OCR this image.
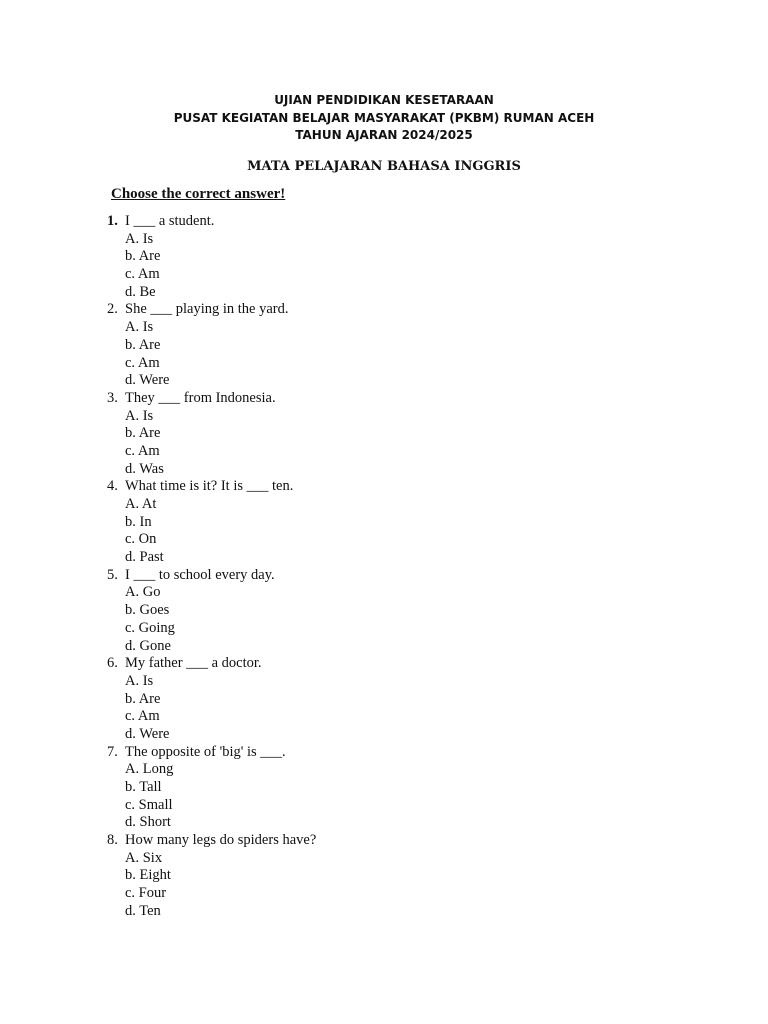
UJIAN PENDIDIKAN KESETARAAN
PUSAT KEGIATAN BELAJAR MASYARAKAT (PKBM) RUMAN ACEH
TAHUN AJARAN 2024/2025
MATA PELAJARAN BAHASA INGGRIS
Choose the correct answer!
1. I ___ a student.
A. Is
b. Are
c. Am
d. Be
2. She ___ playing in the yard.
A. Is
b. Are
c. Am
d. Were
3. They ___ from Indonesia.
A. Is
b. Are
c. Am
d. Was
4. What time is it? It is ___ ten.
A. At
b. In
c. On
d. Past
5. I ___ to school every day.
A. Go
b. Goes
c. Going
d. Gone
6. My father ___ a doctor.
A. Is
b. Are
c. Am
d. Were
7. The opposite of 'big' is ___.
A. Long
b. Tall
c. Small
d. Short
8. How many legs do spiders have?
A. Six
b. Eight
c. Four
d. Ten
